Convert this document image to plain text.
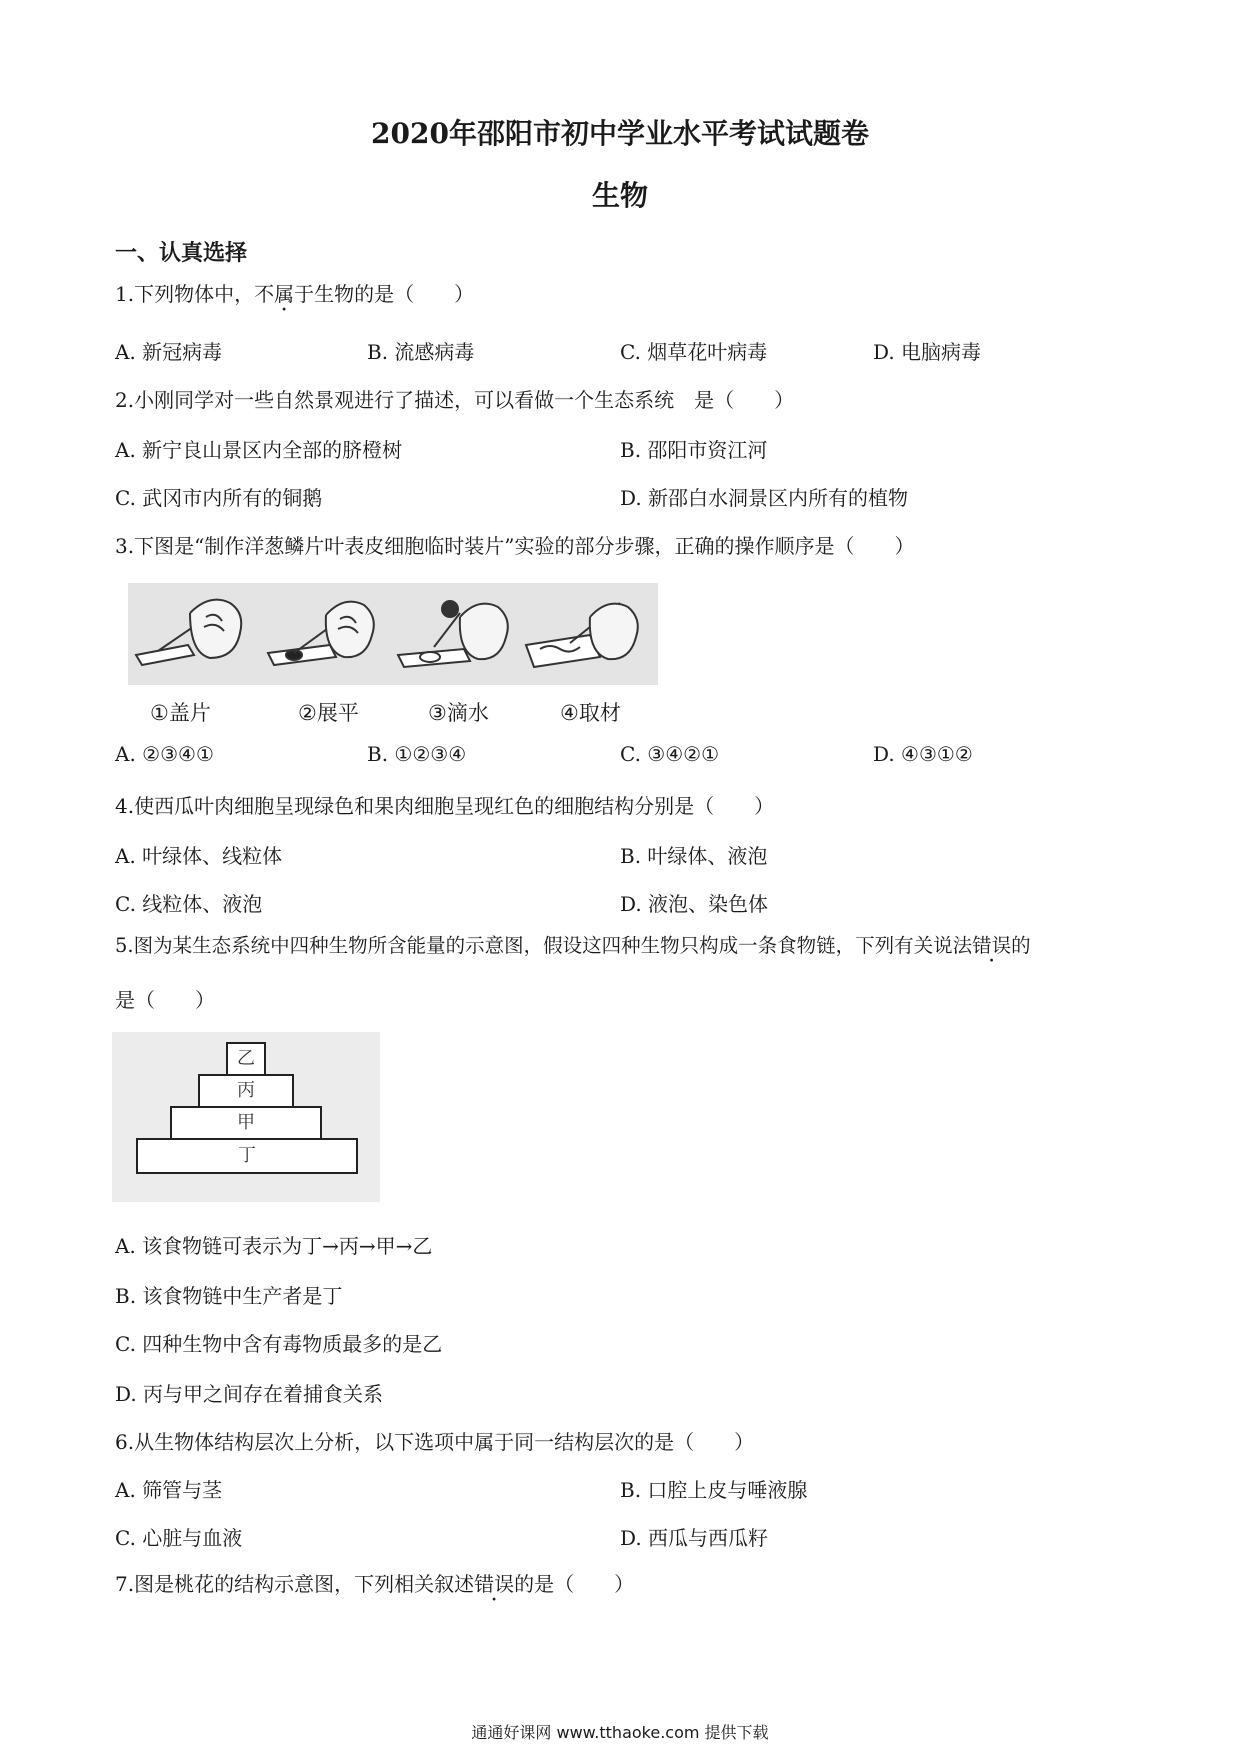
2020年邵阳市初中学业水平考试试题卷
生物
一、认真选择
1.下列物体中，不属于生物的是（　　）
A. 新冠病毒	B. 流感病毒	C. 烟草花叶病毒	D. 电脑病毒
2.小刚同学对一些自然景观进行了描述，可以看做一个生态系统　是（　　）
A. 新宁良山景区内全部的脐橙树	B. 邵阳市资江河
C. 武冈市内所有的铜鹅	D. 新邵白水洞景区内所有的植物
3.下图是“制作洋葱鳞片叶表皮细胞临时装片”实验的部分步骤，正确的操作顺序是（　　）
①盖片	②展平	③滴水	④取材
A. ②③④①	B. ①②③④	C. ③④②①	D. ④③①②
4.使西瓜叶肉细胞呈现绿色和果肉细胞呈现红色的细胞结构分别是（　　）
A. 叶绿体、线粒体	B. 叶绿体、液泡
C. 线粒体、液泡	D. 液泡、染色体
5.图为某生态系统中四种生物所含能量的示意图，假设这四种生物只构成一条食物链，下列有关说法错误的
是（　　）
乙
丙
甲
丁
A. 该食物链可表示为丁→丙→甲→乙
B. 该食物链中生产者是丁
C. 四种生物中含有毒物质最多的是乙
D. 丙与甲之间存在着捕食关系
6.从生物体结构层次上分析，以下选项中属于同一结构层次的是（　　）
A. 筛管与茎	B. 口腔上皮与唾液腺
C. 心脏与血液	D. 西瓜与西瓜籽
7.图是桃花的结构示意图，下列相关叙述错误的是（　　）
通通好课网 www.tthaoke.com 提供下载
